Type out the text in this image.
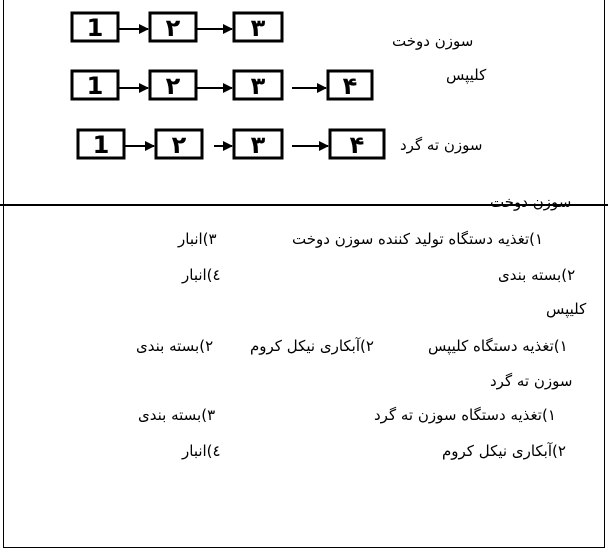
1	۲	۳
1	۲	۳	۴
1	۲	۳	۴
سوزن دوخت
کلیپس
سوزن ته گرد
سوزن دوخت
۱)تغذیه دستگاه تولید کننده سوزن دوخت
۳)انبار
۲)بسته بندی
٤)انبار
کلیپس
۱)تغذیه دستگاه کلیپس
۲)آبکاری نیکل کروم
۲)بسته بندی
سوزن ته گرد
۱)تغذیه دستگاه سوزن ته گرد
۳)بسته بندی
۲)آبکاری نیکل کروم
٤)انبار
